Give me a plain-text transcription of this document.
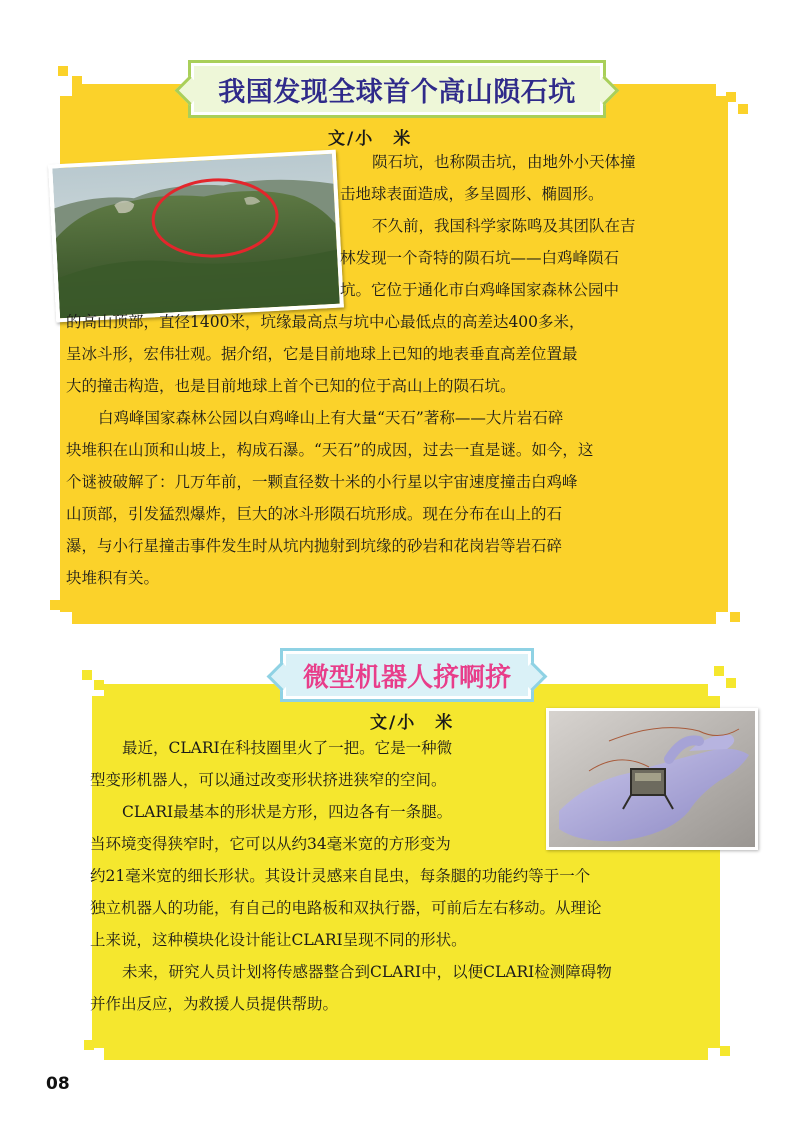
我国发现全球首个高山陨石坑
文/小　米
陨石坑，也称陨击坑，由地外小天体撞
击地球表面造成，多呈圆形、椭圆形。
不久前，我国科学家陈鸣及其团队在吉
林发现一个奇特的陨石坑——白鸡峰陨石
坑。它位于通化市白鸡峰国家森林公园中
的高山顶部，直径1400米，坑缘最高点与坑中心最低点的高差达400多米，
呈冰斗形，宏伟壮观。据介绍，它是目前地球上已知的地表垂直高差位置最
大的撞击构造，也是目前地球上首个已知的位于高山上的陨石坑。
白鸡峰国家森林公园以白鸡峰山上有大量“天石”著称——大片岩石碎
块堆积在山顶和山坡上，构成石瀑。“天石”的成因，过去一直是谜。如今，这
个谜被破解了：几万年前，一颗直径数十米的小行星以宇宙速度撞击白鸡峰
山顶部，引发猛烈爆炸，巨大的冰斗形陨石坑形成。现在分布在山上的石
瀑，与小行星撞击事件发生时从坑内抛射到坑缘的砂岩和花岗岩等岩石碎
块堆积有关。
微型机器人挤啊挤
文/小　米
最近，CLARI在科技圈里火了一把。它是一种微
型变形机器人，可以通过改变形状挤进狭窄的空间。
CLARI最基本的形状是方形，四边各有一条腿。
当环境变得狭窄时，它可以从约34毫米宽的方形变为
约21毫米宽的细长形状。其设计灵感来自昆虫，每条腿的功能约等于一个
独立机器人的功能，有自己的电路板和双执行器，可前后左右移动。从理论
上来说，这种模块化设计能让CLARI呈现不同的形状。
未来，研究人员计划将传感器整合到CLARI中，以便CLARI检测障碍物
并作出反应，为救援人员提供帮助。
08
